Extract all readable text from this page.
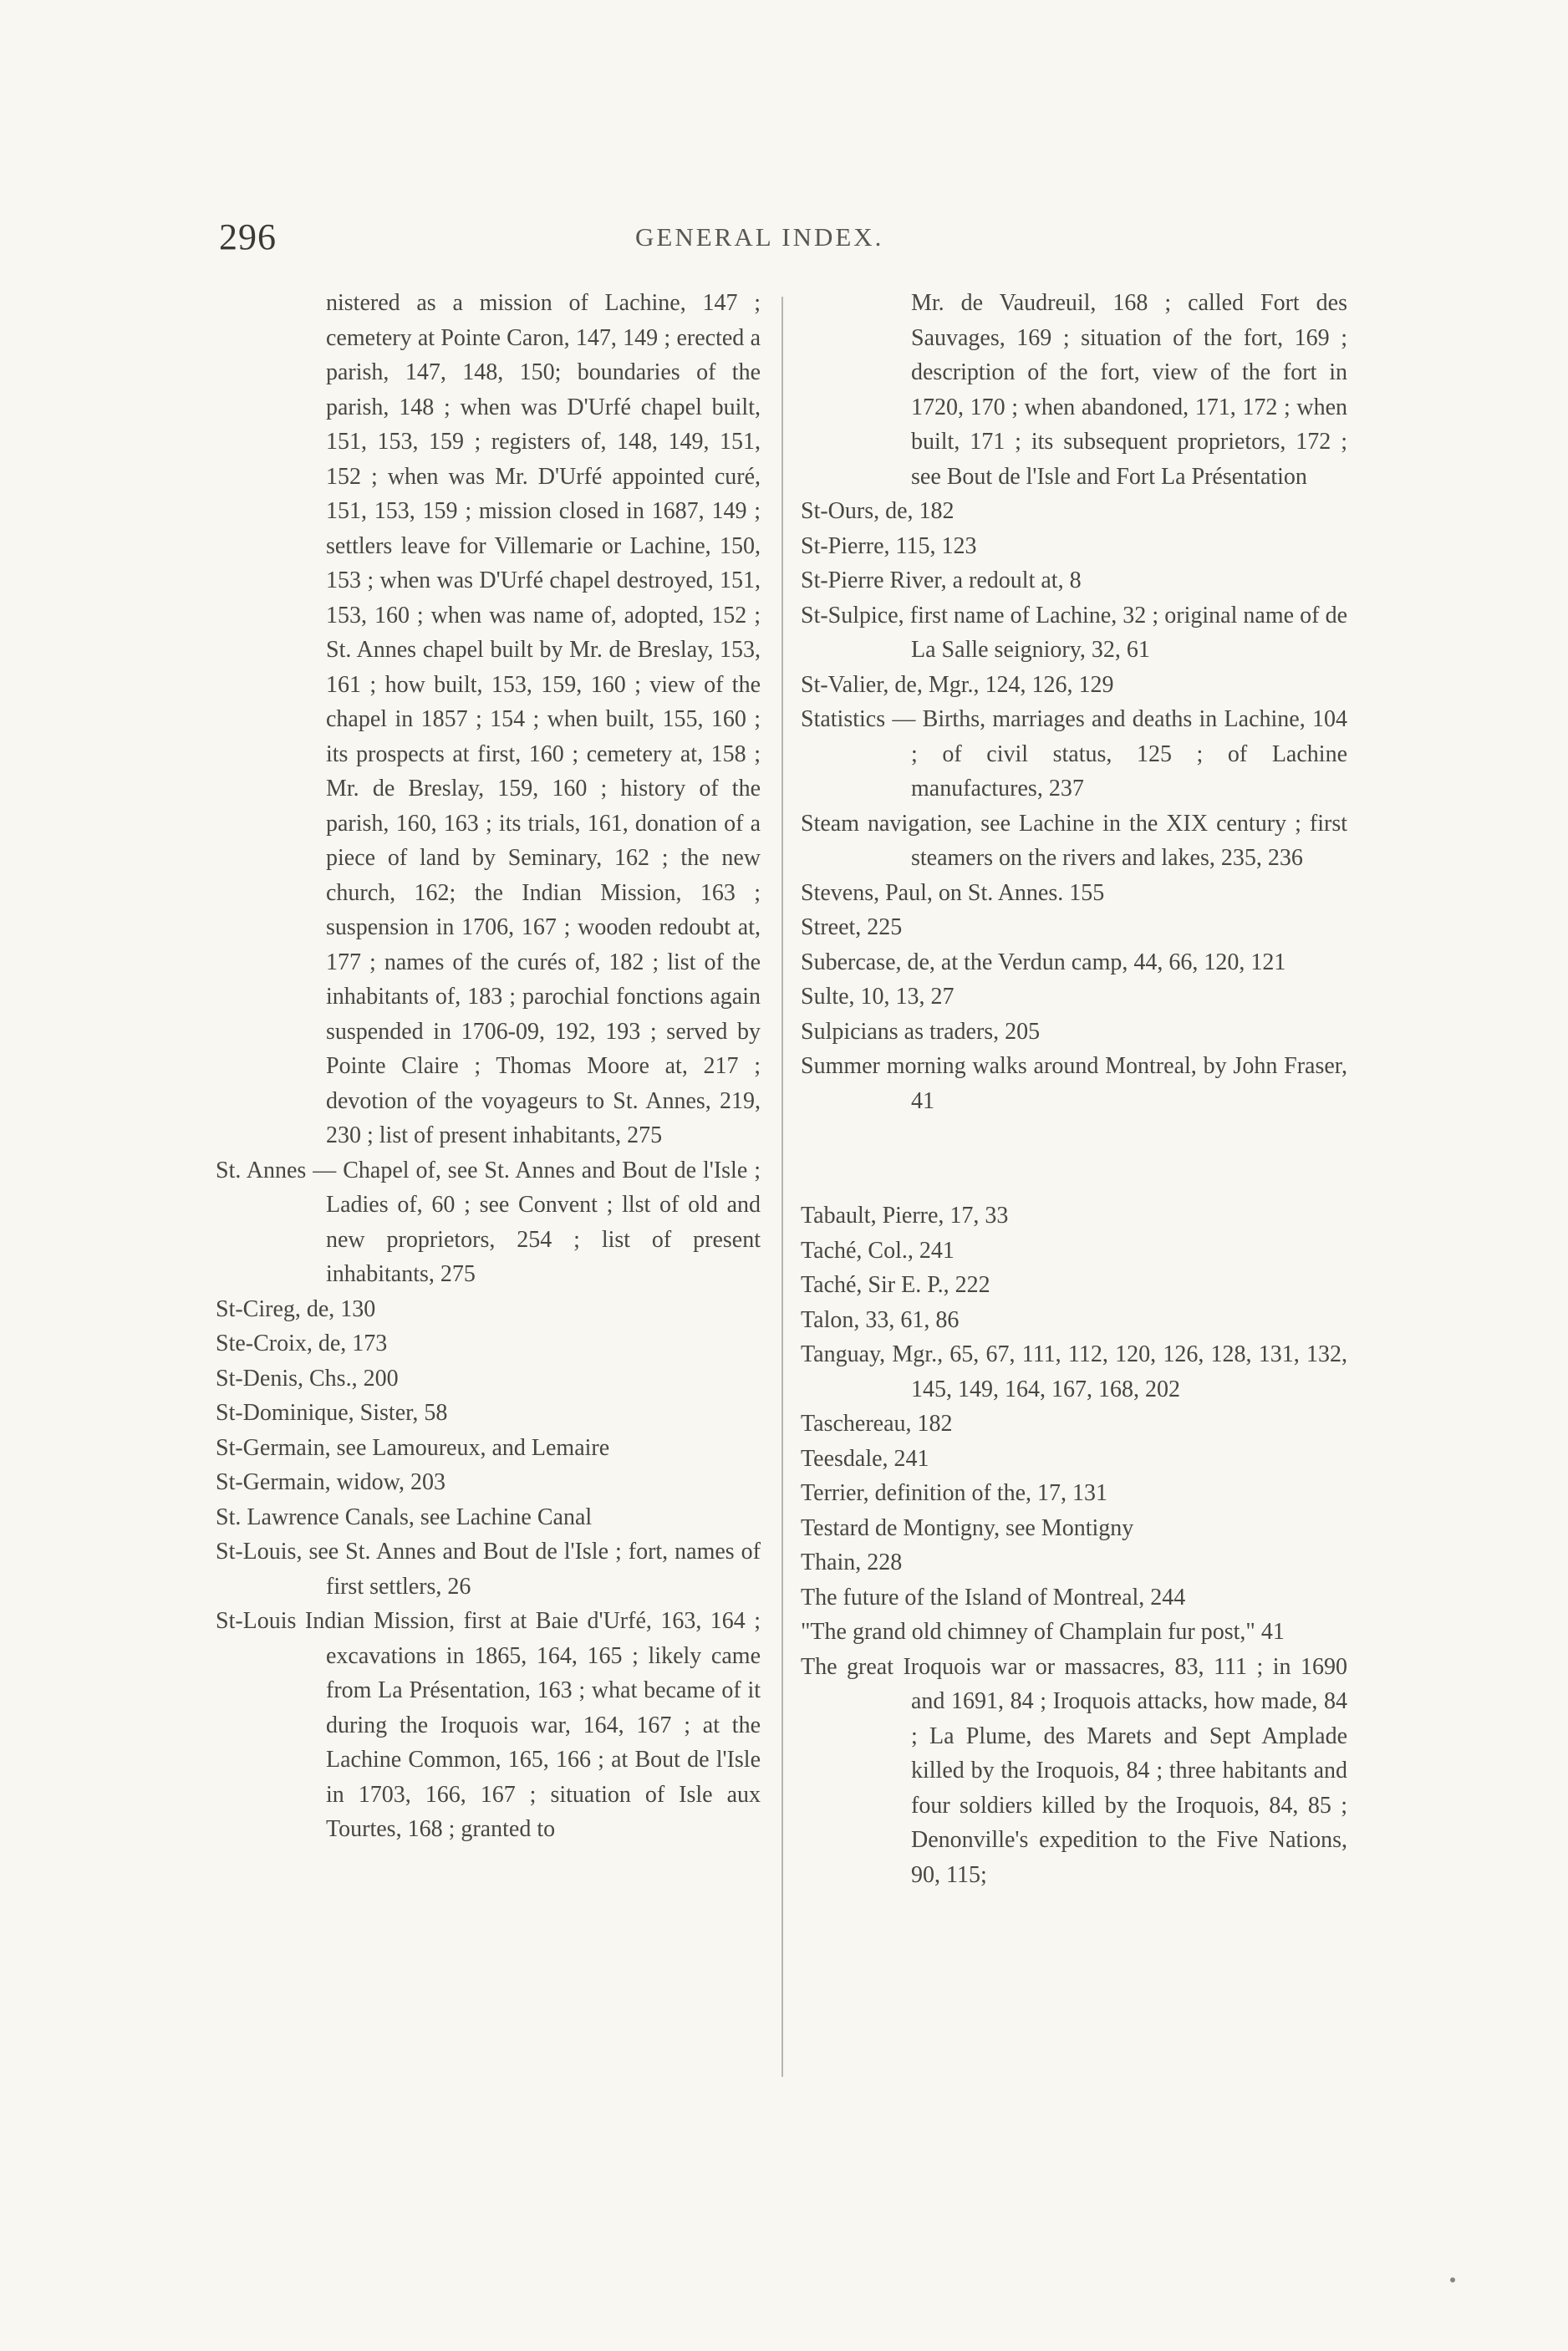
296	GENERAL INDEX.

nistered as a mission of Lachine, 147 ; cemetery at Pointe Caron, 147, 149 ; erected a parish, 147, 148, 150; boundaries of the parish, 148 ; when was D'Urfé chapel built, 151, 153, 159 ; registers of, 148, 149, 151, 152 ; when was Mr. D'Urfé appointed curé, 151, 153, 159 ; mission closed in 1687, 149 ; settlers leave for Villemarie or Lachine, 150, 153 ; when was D'Urfé chapel destroyed, 151, 153, 160 ; when was name of, adopted, 152 ; St. Annes chapel built by Mr. de Breslay, 153, 161 ; how built, 153, 159, 160 ; view of the chapel in 1857 ; 154 ; when built, 155, 160 ; its prospects at first, 160 ; cemetery at, 158 ; Mr. de Breslay, 159, 160 ; history of the parish, 160, 163 ; its trials, 161, donation of a piece of land by Seminary, 162 ; the new church, 162; the Indian Mission, 163 ; suspension in 1706, 167 ; wooden redoubt at, 177 ; names of the curés of, 182 ; list of the inhabitants of, 183 ; parochial fonctions again suspended in 1706-09, 192, 193 ; served by Pointe Claire ; Thomas Moore at, 217 ; devotion of the voyageurs to St. Annes, 219, 230 ; list of present inhabitants, 275

St. Annes — Chapel of, see St. Annes and Bout de l'Isle ; Ladies of, 60 ; see Convent ; llst of old and new proprietors, 254 ; list of present inhabitants, 275

St-Cireg, de, 130

Ste-Croix, de, 173

St-Denis, Chs., 200

St-Dominique, Sister, 58

St-Germain, see Lamoureux, and Lemaire

St-Germain, widow, 203

St. Lawrence Canals, see Lachine Canal

St-Louis, see St. Annes and Bout de l'Isle ; fort, names of first settlers, 26

St-Louis Indian Mission, first at Baie d'Urfé, 163, 164 ; excavations in 1865, 164, 165 ; likely came from La Présentation, 163 ; what became of it during the Iroquois war, 164, 167 ; at the Lachine Common, 165, 166 ; at Bout de l'Isle in 1703, 166, 167 ; situation of Isle aux Tourtes, 168 ; granted to

Mr. de Vaudreuil, 168 ; called Fort des Sauvages, 169 ; situation of the fort, 169 ; description of the fort, view of the fort in 1720, 170 ; when abandoned, 171, 172 ; when built, 171 ; its subsequent proprietors, 172 ; see Bout de l'Isle and Fort La Présentation

St-Ours, de, 182

St-Pierre, 115, 123

St-Pierre River, a redoult at, 8

St-Sulpice, first name of Lachine, 32 ; original name of de La Salle seigniory, 32, 61

St-Valier, de, Mgr., 124, 126, 129

Statistics — Births, marriages and deaths in Lachine, 104 ; of civil status, 125 ; of Lachine manufactures, 237

Steam navigation, see Lachine in the XIX century ; first steamers on the rivers and lakes, 235, 236

Stevens, Paul, on St. Annes. 155

Street, 225

Subercase, de, at the Verdun camp, 44, 66, 120, 121

Sulte, 10, 13, 27

Sulpicians as traders, 205

Summer morning walks around Montreal, by John Fraser, 41

Tabault, Pierre, 17, 33

Taché, Col., 241

Taché, Sir E. P., 222

Talon, 33, 61, 86

Tanguay, Mgr., 65, 67, 111, 112, 120, 126, 128, 131, 132, 145, 149, 164, 167, 168, 202

Taschereau, 182

Teesdale, 241

Terrier, definition of the, 17, 131

Testard de Montigny, see Montigny

Thain, 228

The future of the Island of Montreal, 244

"The grand old chimney of Champlain fur post," 41

The great Iroquois war or massacres, 83, 111 ; in 1690 and 1691, 84 ; Iroquois attacks, how made, 84 ; La Plume, des Marets and Sept Amplade killed by the Iroquois, 84 ; three habitants and four soldiers killed by the Iroquois, 84, 85 ; Denonville's expedition to the Five Nations, 90, 115;
